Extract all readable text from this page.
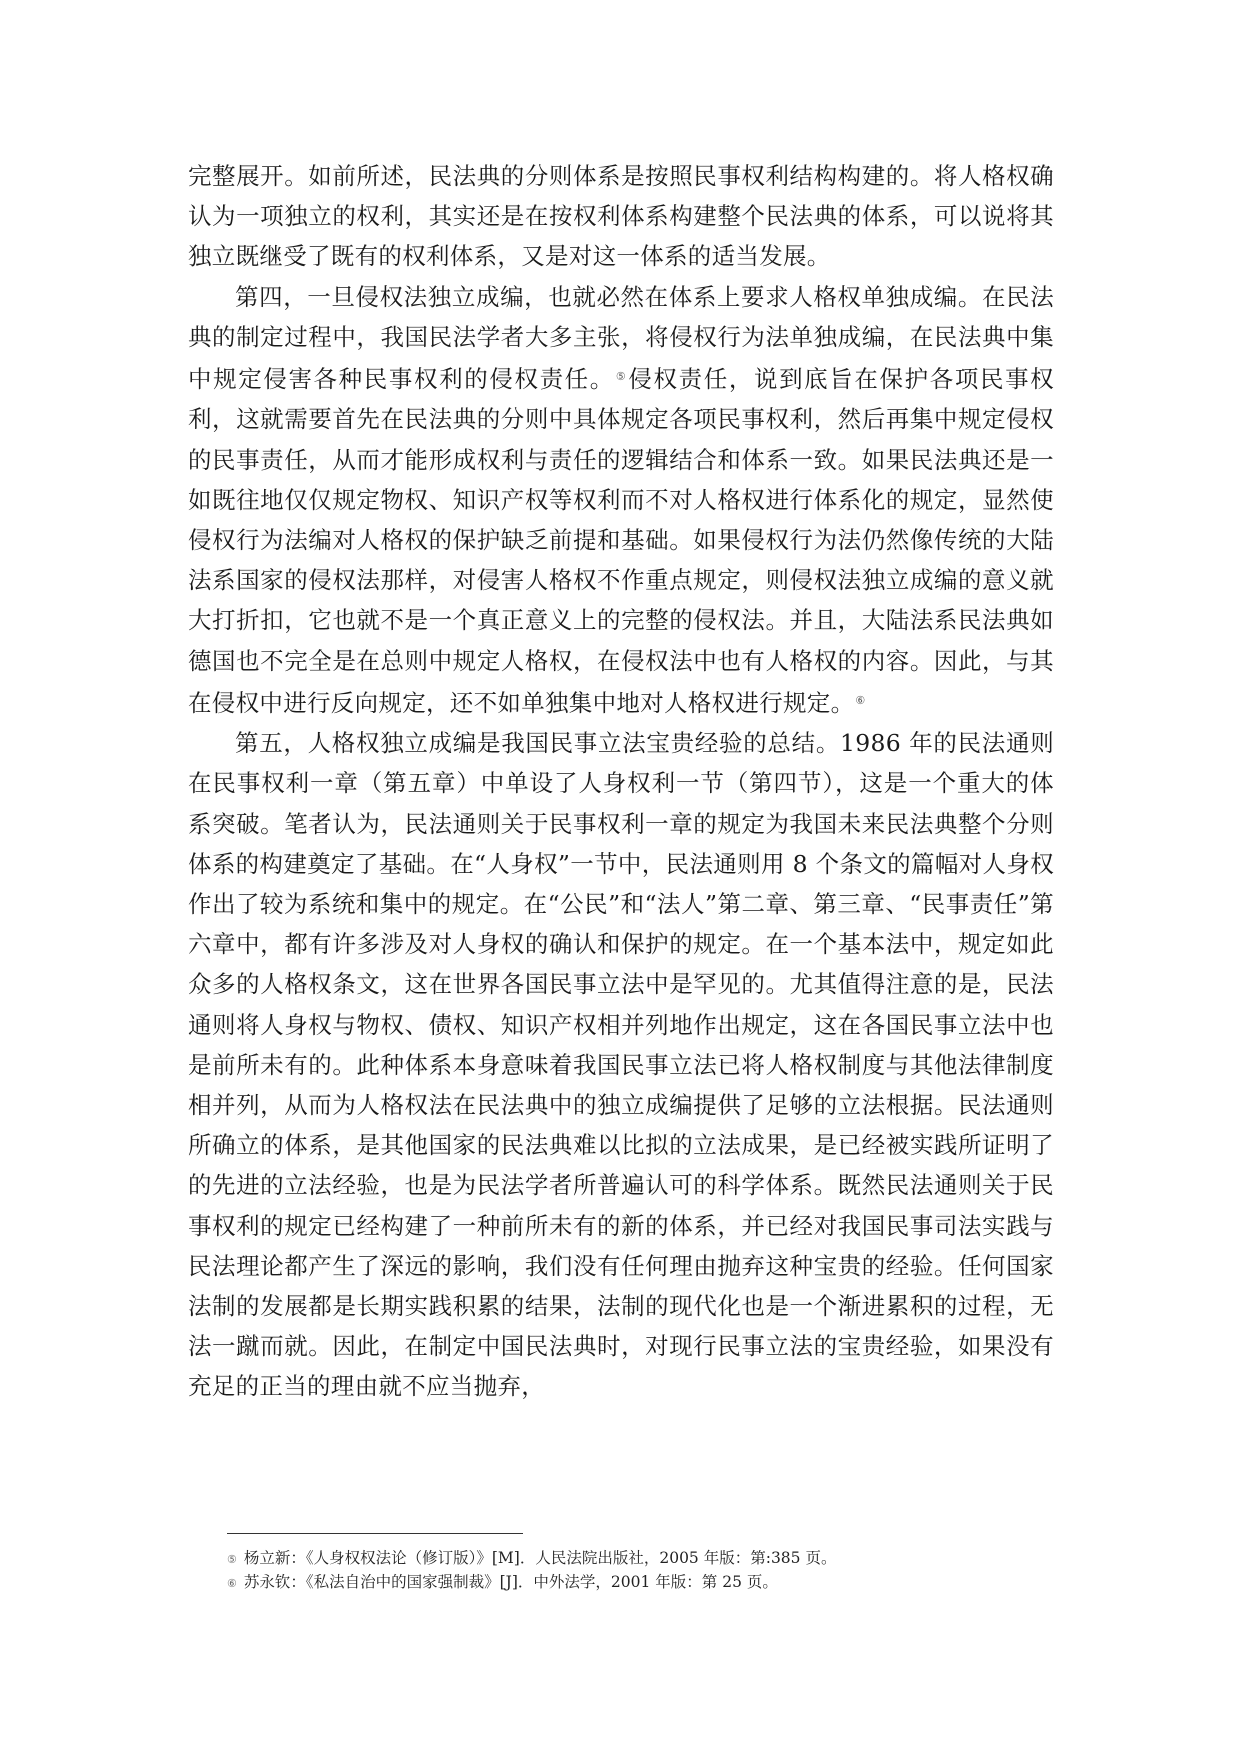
完整展开。如前所述，民法典的分则体系是按照民事权利结构构建的。将人格权确认为一项独立的权利，其实还是在按权利体系构建整个民法典的体系，可以说将其独立既继受了既有的权利体系，又是对这一体系的适当发展。

第四，一旦侵权法独立成编，也就必然在体系上要求人格权单独成编。在民法典的制定过程中，我国民法学者大多主张，将侵权行为法单独成编，在民法典中集中规定侵害各种民事权利的侵权责任。⑤侵权责任，说到底旨在保护各项民事权利，这就需要首先在民法典的分则中具体规定各项民事权利，然后再集中规定侵权的民事责任，从而才能形成权利与责任的逻辑结合和体系一致。如果民法典还是一如既往地仅仅规定物权、知识产权等权利而不对人格权进行体系化的规定，显然使侵权行为法编对人格权的保护缺乏前提和基础。如果侵权行为法仍然像传统的大陆法系国家的侵权法那样，对侵害人格权不作重点规定，则侵权法独立成编的意义就大打折扣，它也就不是一个真正意义上的完整的侵权法。并且，大陆法系民法典如德国也不完全是在总则中规定人格权，在侵权法中也有人格权的内容。因此，与其在侵权中进行反向规定，还不如单独集中地对人格权进行规定。⑥

第五，人格权独立成编是我国民事立法宝贵经验的总结。1986 年的民法通则在民事权利一章（第五章）中单设了人身权利一节（第四节），这是一个重大的体系突破。笔者认为，民法通则关于民事权利一章的规定为我国未来民法典整个分则体系的构建奠定了基础。在“人身权”一节中，民法通则用 8 个条文的篇幅对人身权作出了较为系统和集中的规定。在“公民”和“法人”第二章、第三章、“民事责任”第六章中，都有许多涉及对人身权的确认和保护的规定。在一个基本法中，规定如此众多的人格权条文，这在世界各国民事立法中是罕见的。尤其值得注意的是，民法通则将人身权与物权、债权、知识产权相并列地作出规定，这在各国民事立法中也是前所未有的。此种体系本身意味着我国民事立法已将人格权制度与其他法律制度相并列，从而为人格权法在民法典中的独立成编提供了足够的立法根据。民法通则所确立的体系，是其他国家的民法典难以比拟的立法成果，是已经被实践所证明了的先进的立法经验，也是为民法学者所普遍认可的科学体系。既然民法通则关于民事权利的规定已经构建了一种前所未有的新的体系，并已经对我国民事司法实践与民法理论都产生了深远的影响，我们没有任何理由抛弃这种宝贵的经验。任何国家法制的发展都是长期实践积累的结果，法制的现代化也是一个渐进累积的过程，无法一蹴而就。因此，在制定中国民法典时，对现行民事立法的宝贵经验，如果没有充足的正当的理由就不应当抛弃，

⑤ 杨立新：《人身权权法论（修订版）》[M]．人民法院出版社，2005 年版：第:385 页。
⑥ 苏永钦：《私法自治中的国家强制裁》[J]．中外法学，2001 年版：第 25 页。
